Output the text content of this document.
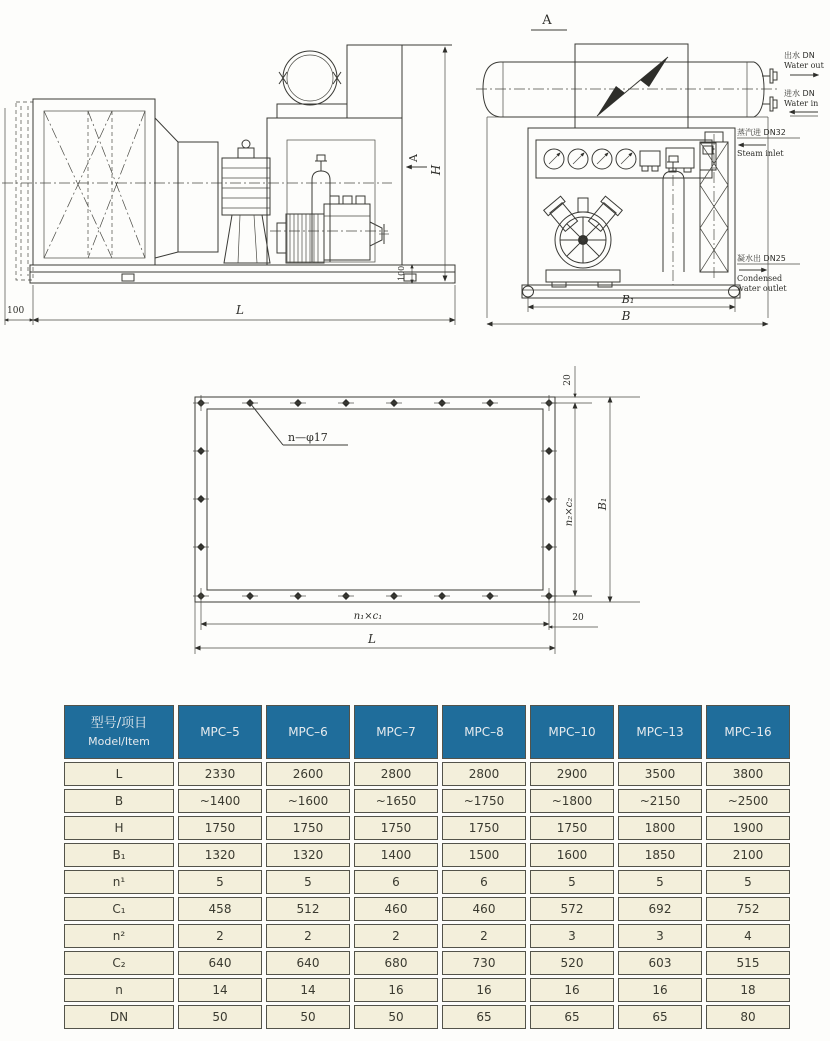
100	L
H
A
100
A
B₁
B
出水 DN
Water out
进水 DN
Water in
蒸汽进 DN32
Steam inlet
凝水出 DN25
Condensed
water outlet
n—φ17
20
n₂×c₂ B₁
n₁×c₁	20
L
型号/项目
Model/Item	MPC–5	MPC–6	MPC–7	MPC–8	MPC–10	MPC–13	MPC–16
L	2330	2600	2800	2800	2900	3500	3800
B	~1400	~1600	~1650	~1750	~1800	~2150	~2500
H	1750	1750	1750	1750	1750	1800	1900
B₁	1320	1320	1400	1500	1600	1850	2100
n¹	5	5	6	6	5	5	5
C₁	458	512	460	460	572	692	752
n²	2	2	2	2	3	3	4
C₂	640	640	680	730	520	603	515
n	14	14	16	16	16	16	18
DN	50	50	50	65	65	65	80
